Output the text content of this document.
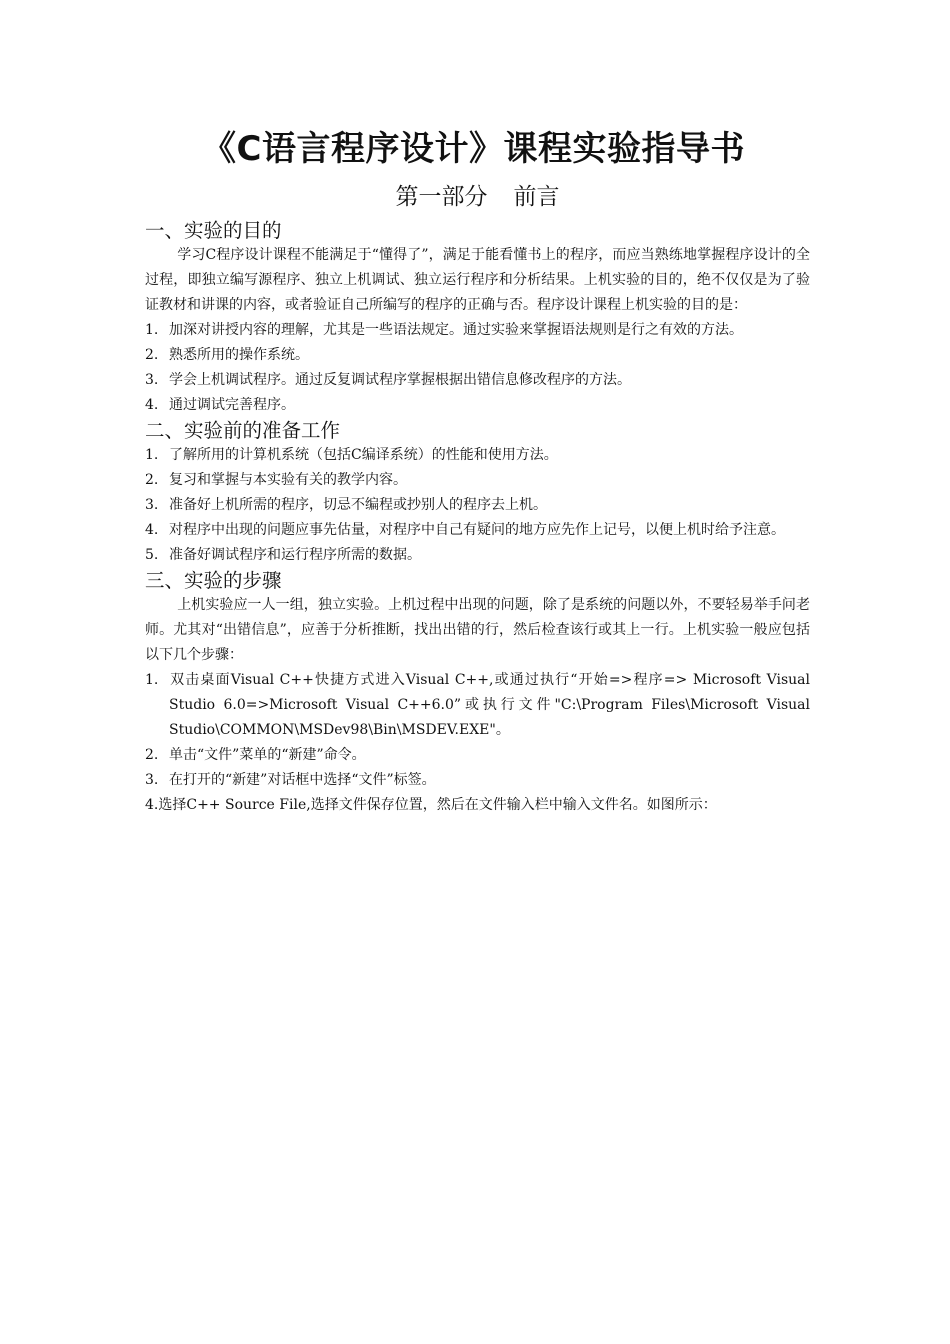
《C语言程序设计》课程实验指导书
第一部分 前言
一、实验的目的

学习C程序设计课程不能满足于“懂得了”，满足于能看懂书上的程序，而应当熟练地掌握程序设计的全过程，即独立编写源程序、独立上机调试、独立运行程序和分析结果。上机实验的目的，绝不仅仅是为了验证教材和讲课的内容，或者验证自己所编写的程序的正确与否。程序设计课程上机实验的目的是：

1. 加深对讲授内容的理解，尤其是一些语法规定。通过实验来掌握语法规则是行之有效的方法。
2. 熟悉所用的操作系统。
3. 学会上机调试程序。通过反复调试程序掌握根据出错信息修改程序的方法。
4. 通过调试完善程序。
二、实验前的准备工作
1. 了解所用的计算机系统（包括C编译系统）的性能和使用方法。
2. 复习和掌握与本实验有关的教学内容。
3. 准备好上机所需的程序，切忌不编程或抄别人的程序去上机。
4. 对程序中出现的问题应事先估量，对程序中自己有疑问的地方应先作上记号，以便上机时给予注意。
5. 准备好调试程序和运行程序所需的数据。
三、实验的步骤

上机实验应一人一组，独立实验。上机过程中出现的问题，除了是系统的问题以外，不要轻易举手问老师。尤其对“出错信息”，应善于分析推断，找出出错的行，然后检查该行或其上一行。上机实验一般应包括以下几个步骤：

1. 双击桌面Visual C++快捷方式进入Visual C++,或通过执行“开始=>程序=> Microsoft Visual Studio 6.0=>Microsoft Visual C++6.0”或执行文件"C:\Program Files\Microsoft Visual Studio\COMMON\MSDev98\Bin\MSDEV.EXE"。
2. 单击“文件”菜单的“新建”命令。
3. 在打开的“新建”对话框中选择“文件”标签。
4.选择C++ Source File,选择文件保存位置，然后在文件输入栏中输入文件名。如图所示：
